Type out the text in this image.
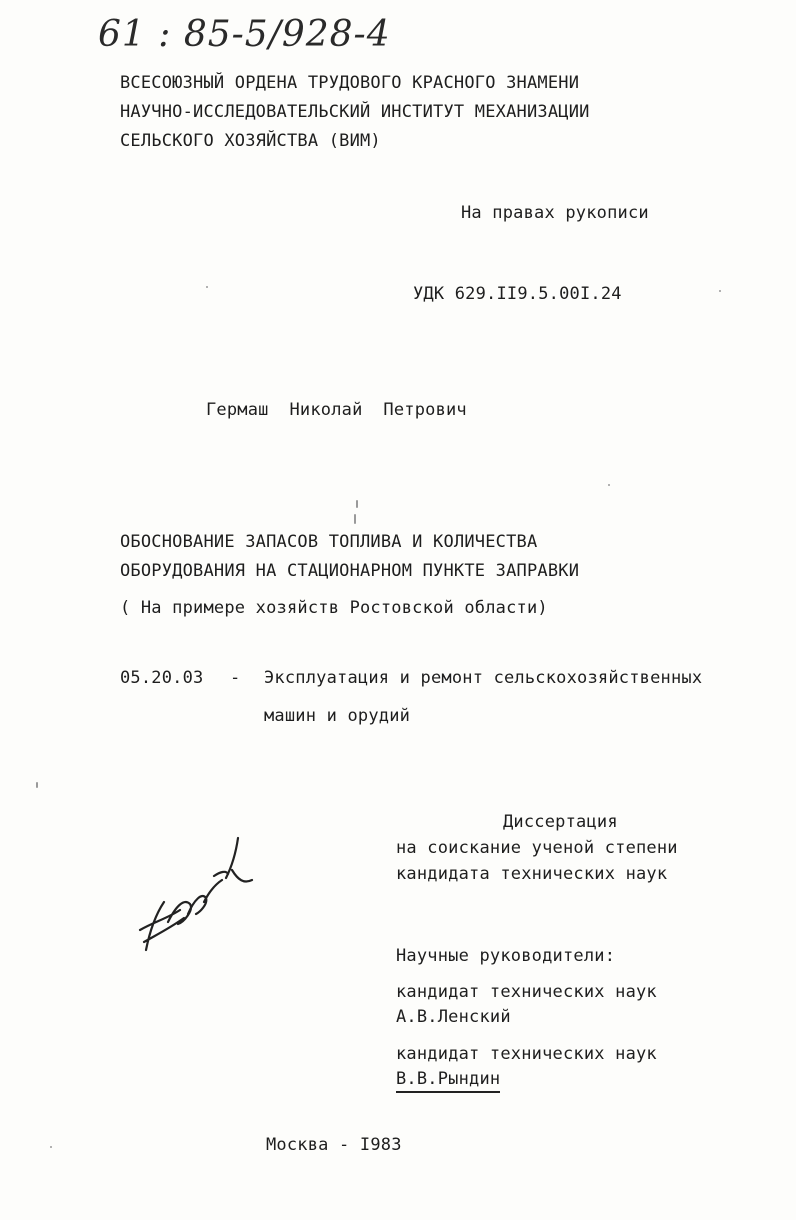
61 : 85-5/928-4
ВСЕСОЮЗНЫЙ ОРДЕНА ТРУДОВОГО КРАСНОГО ЗНАМЕНИ
НАУЧНО-ИССЛЕДОВАТЕЛЬСКИЙ ИНСТИТУТ МЕХАНИЗАЦИИ
СЕЛЬСКОГО ХОЗЯЙСТВА (ВИМ)
На правах рукописи
УДК 629.II9.5.00I.24
Гермаш  Николай  Петрович
ОБОСНОВАНИЕ ЗАПАСОВ ТОПЛИВА И КОЛИЧЕСТВА
ОБОРУДОВАНИЯ НА СТАЦИОНАРНОМ ПУНКТЕ ЗАПРАВКИ
( На примере хозяйств Ростовской области)
05.20.03 - Эксплуатация и ремонт сельскохозяйственных
машин и орудий
Диссертация
на соискание ученой степени
кандидата технических наук
Научные руководители:
кандидат технических наук
А.В.Ленский
кандидат технических наук
В.В.Рындин
Москва - I983
